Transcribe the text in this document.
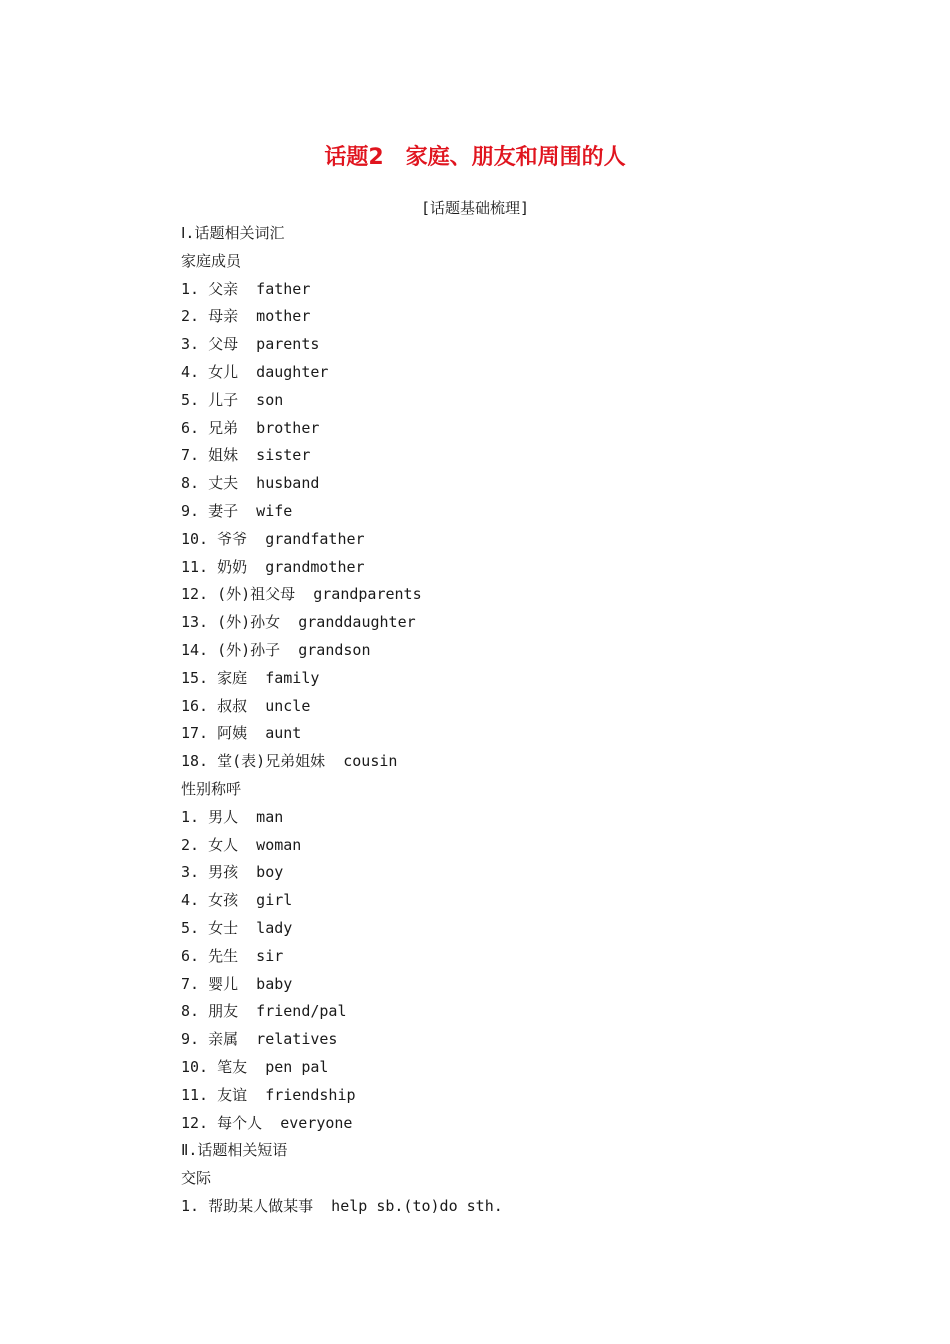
话题2　家庭、朋友和周围的人
[话题基础梳理]
Ⅰ.话题相关词汇
家庭成员
1. 父亲 father
2. 母亲 mother
3. 父母 parents
4. 女儿 daughter
5. 儿子 son
6. 兄弟 brother
7. 姐妹 sister
8. 丈夫 husband
9. 妻子 wife
10. 爷爷 grandfather
11. 奶奶 grandmother
12. (外)祖父母 grandparents
13. (外)孙女 granddaughter
14. (外)孙子 grandson
15. 家庭 family
16. 叔叔 uncle
17. 阿姨 aunt
18. 堂(表)兄弟姐妹 cousin
性别称呼
1. 男人 man
2. 女人 woman
3. 男孩 boy
4. 女孩 girl
5. 女士 lady
6. 先生 sir
7. 婴儿 baby
8. 朋友 friend/pal
9. 亲属 relatives
10. 笔友 pen pal
11. 友谊 friendship
12. 每个人 everyone
Ⅱ.话题相关短语
交际
1. 帮助某人做某事 help sb.(to)do sth.
